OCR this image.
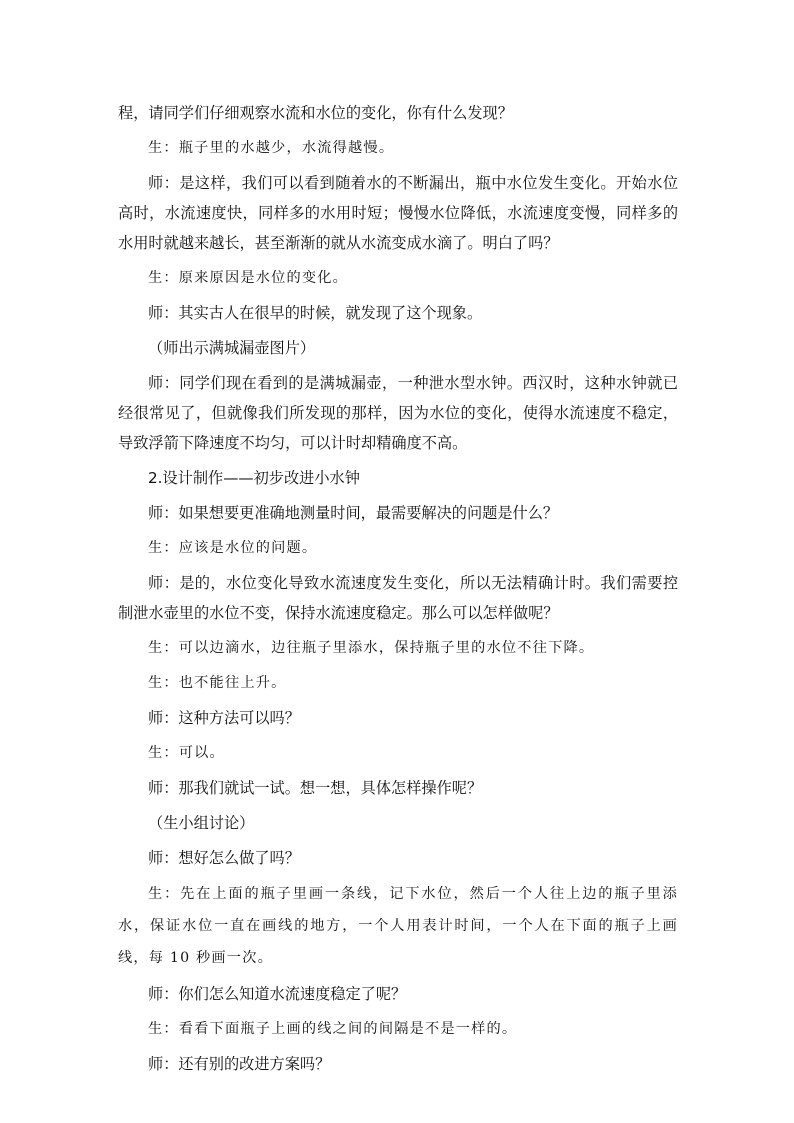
程，请同学们仔细观察水流和水位的变化，你有什么发现？

生：瓶子里的水越少，水流得越慢。

师：是这样，我们可以看到随着水的不断漏出，瓶中水位发生变化。开始水位高时，水流速度快，同样多的水用时短；慢慢水位降低，水流速度变慢，同样多的水用时就越来越长，甚至渐渐的就从水流变成水滴了。明白了吗？

生：原来原因是水位的变化。

师：其实古人在很早的时候，就发现了这个现象。

（师出示满城漏壶图片）

师：同学们现在看到的是满城漏壶，一种泄水型水钟。西汉时，这种水钟就已经很常见了，但就像我们所发现的那样，因为水位的变化，使得水流速度不稳定，导致浮箭下降速度不均匀，可以计时却精确度不高。

2.设计制作——初步改进小水钟

师：如果想要更准确地测量时间，最需要解决的问题是什么？

生：应该是水位的问题。

师：是的，水位变化导致水流速度发生变化，所以无法精确计时。我们需要控制泄水壶里的水位不变，保持水流速度稳定。那么可以怎样做呢？

生：可以边滴水，边往瓶子里添水，保持瓶子里的水位不往下降。

生：也不能往上升。

师：这种方法可以吗？

生：可以。

师：那我们就试一试。想一想，具体怎样操作呢？

（生小组讨论）

师：想好怎么做了吗？

生：先在上面的瓶子里画一条线，记下水位，然后一个人往上边的瓶子里添水，保证水位一直在画线的地方，一个人用表计时间，一个人在下面的瓶子上画线，每 10 秒画一次。

师：你们怎么知道水流速度稳定了呢？

生：看看下面瓶子上画的线之间的间隔是不是一样的。

师：还有别的改进方案吗？
